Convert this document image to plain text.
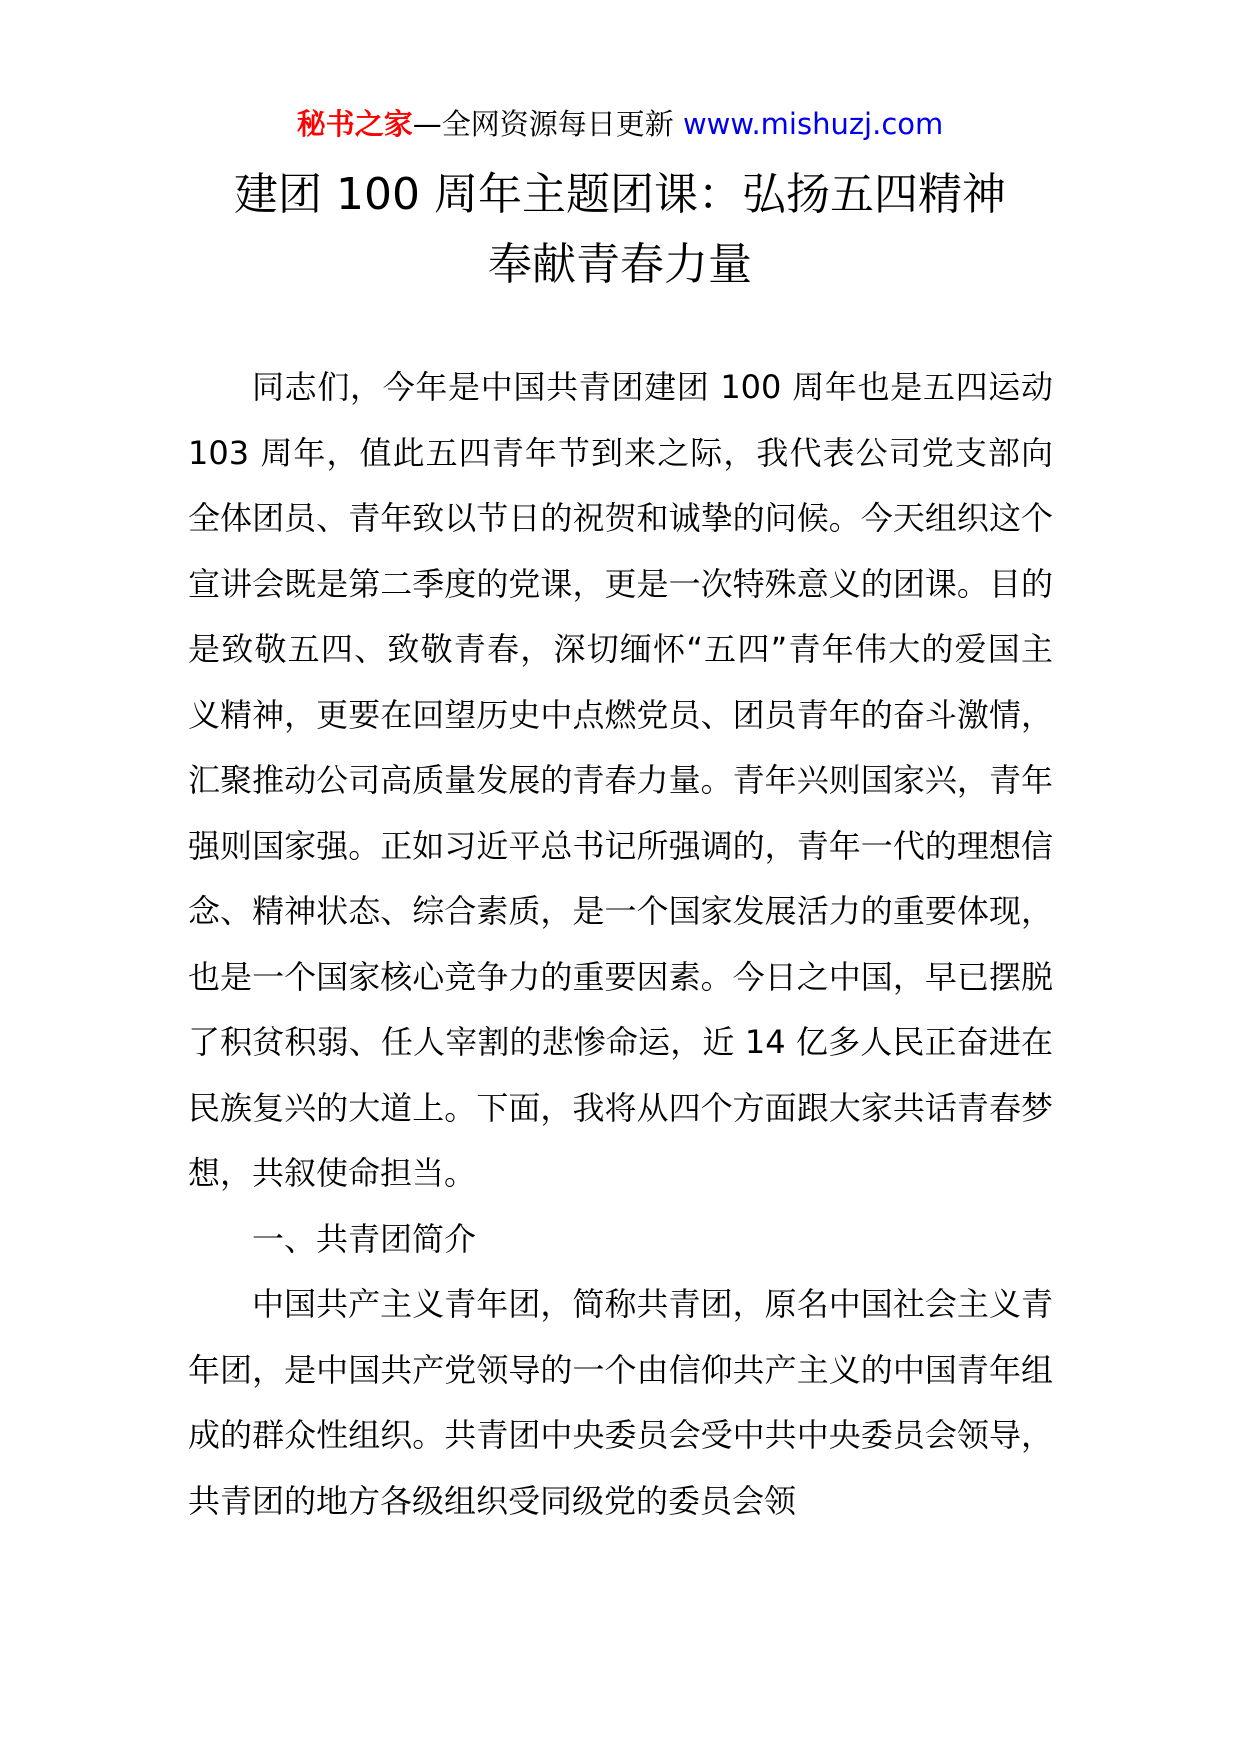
秘书之家—全网资源每日更新 www.mishuzj.com
建团 100 周年主题团课：弘扬五四精神
奉献青春力量

同志们，今年是中国共青团建团 100 周年也是五四运动 103 周年，值此五四青年节到来之际，我代表公司党支部向全体团员、青年致以节日的祝贺和诚挚的问候。今天组织这个宣讲会既是第二季度的党课，更是一次特殊意义的团课。目的是致敬五四、致敬青春，深切缅怀“五四”青年伟大的爱国主义精神，更要在回望历史中点燃党员、团员青年的奋斗激情，汇聚推动公司高质量发展的青春力量。青年兴则国家兴，青年强则国家强。正如习近平总书记所强调的，青年一代的理想信念、精神状态、综合素质，是一个国家发展活力的重要体现，也是一个国家核心竞争力的重要因素。今日之中国，早已摆脱了积贫积弱、任人宰割的悲惨命运，近 14 亿多人民正奋进在民族复兴的大道上。下面，我将从四个方面跟大家共话青春梦想，共叙使命担当。

一、共青团简介

中国共产主义青年团，简称共青团，原名中国社会主义青年团，是中国共产党领导的一个由信仰共产主义的中国青年组成的群众性组织。共青团中央委员会受中共中央委员会领导，共青团的地方各级组织受同级党的委员会领
